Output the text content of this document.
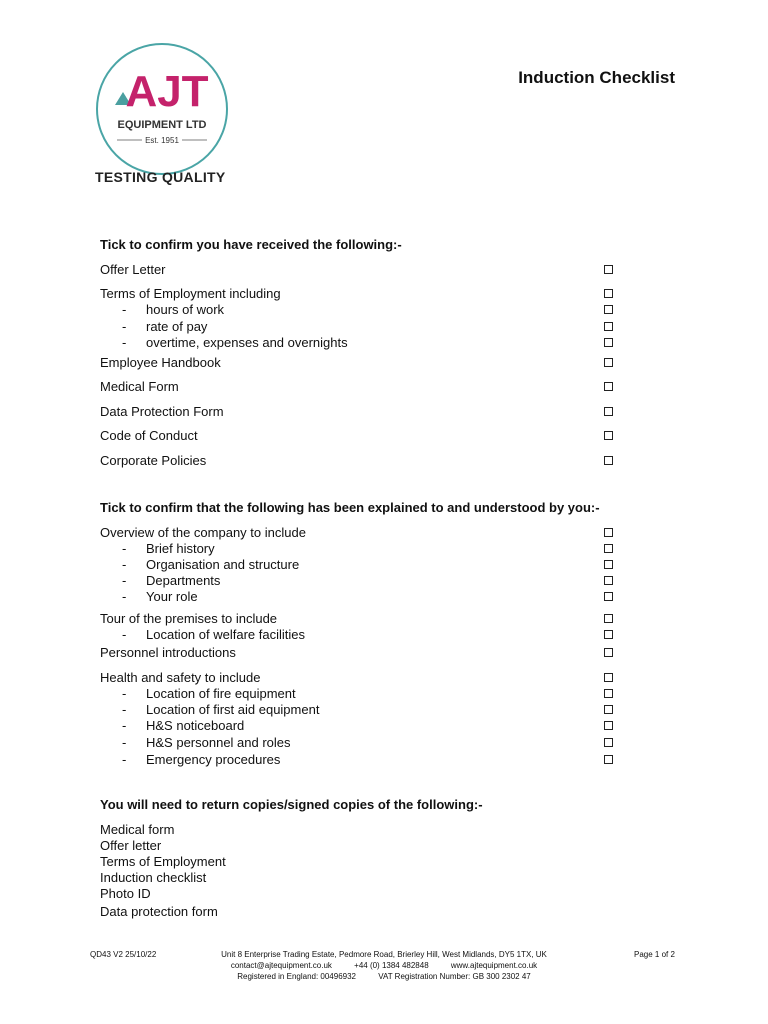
AJT
EQUIPMENT LTD
Est. 1951
TESTING QUALITY
Induction Checklist
Tick to confirm you have received the following:-
Offer Letter
Terms of Employment including
- hours of work
- rate of pay
- overtime, expenses and overnights
Employee Handbook
Medical Form
Data Protection Form
Code of Conduct
Corporate Policies
Tick to confirm that the following has been explained to and understood by you:-
Overview of the company to include
- Brief history
- Organisation and structure
- Departments
- Your role
Tour of the premises to include
- Location of welfare facilities
Personnel introductions
Health and safety to include
- Location of fire equipment
- Location of first aid equipment
- H&S noticeboard
- H&S personnel and roles
- Emergency procedures
You will need to return copies/signed copies of the following:-
Medical form
Offer letter
Terms of Employment
Induction checklist
Photo ID
Data protection form
QD43 V2 25/10/22	Unit 8 Enterprise Trading Estate, Pedmore Road, Brierley Hill, West Midlands, DY5 1TX, UK
contact@ajtequipment.co.uk          +44 (0) 1384 482848          www.ajtequipment.co.uk
Registered in England: 00496932          VAT Registration Number: GB 300 2302 47
Page 1 of 2
